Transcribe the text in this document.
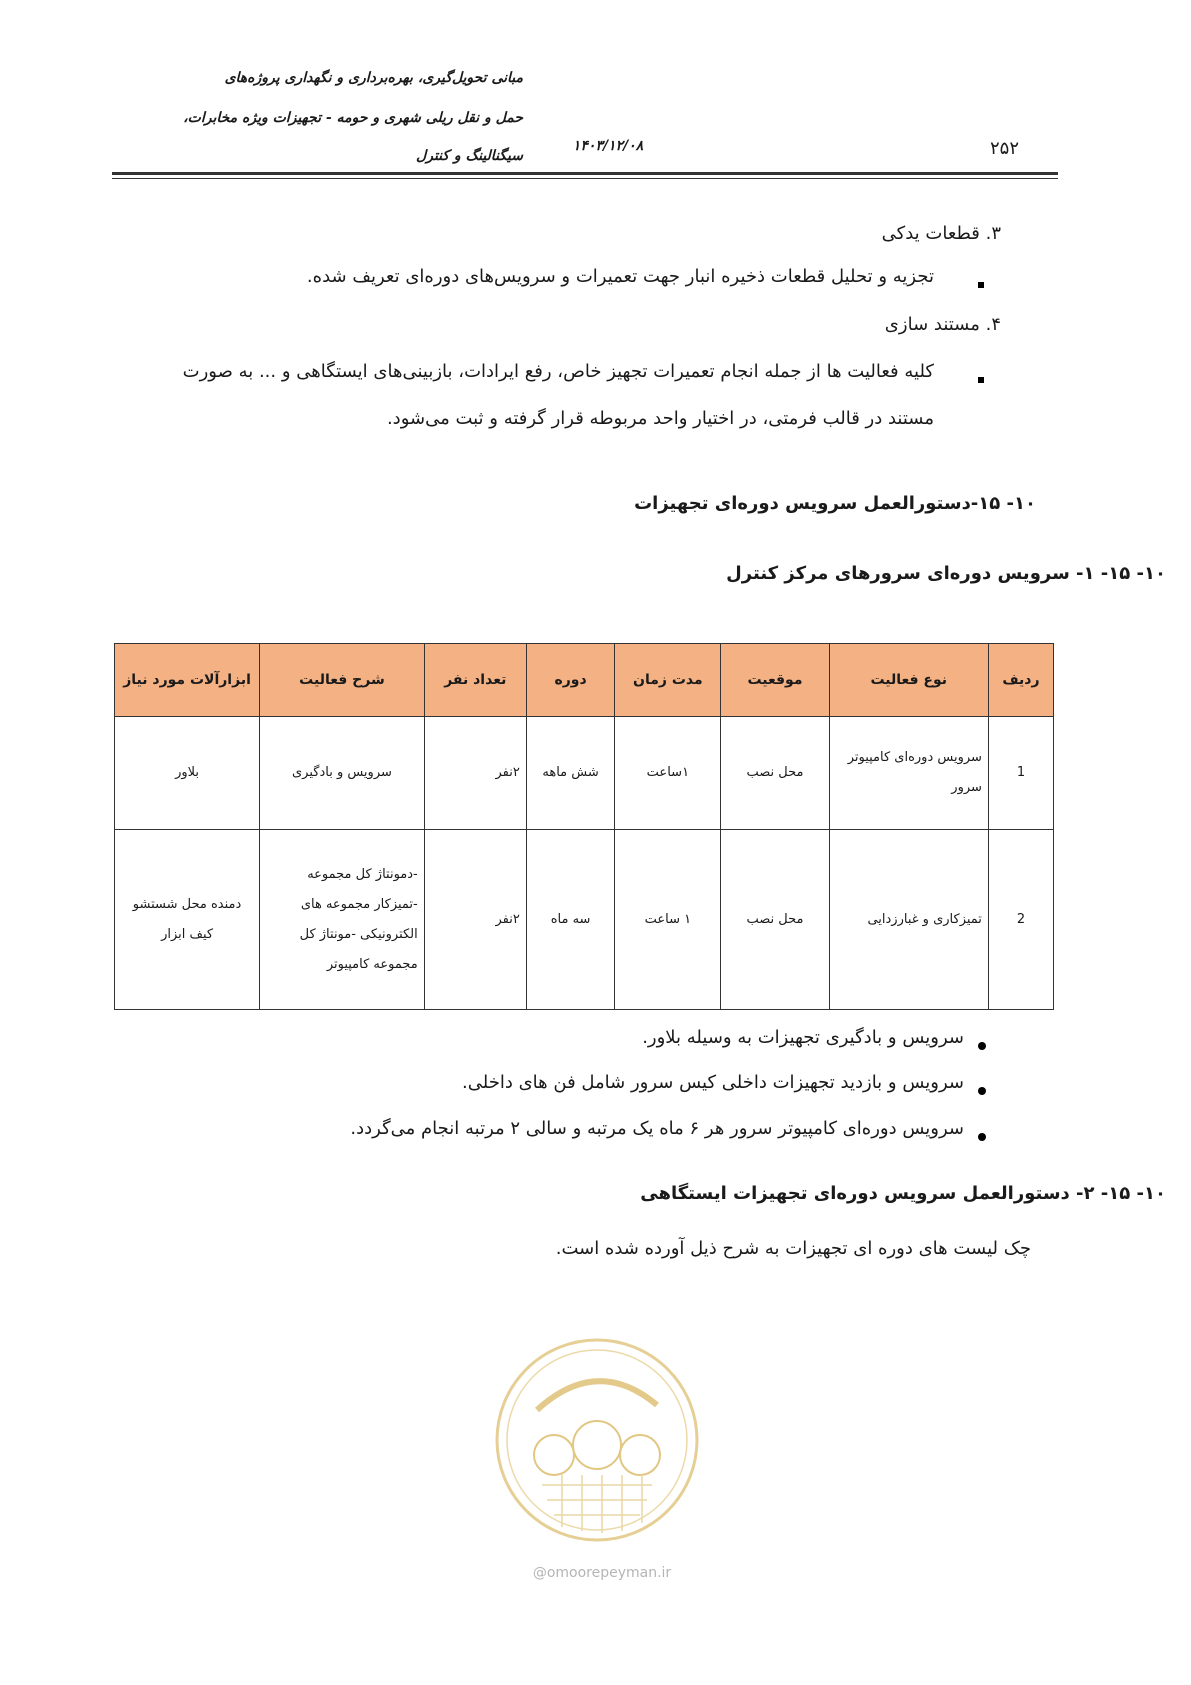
مبانی تحویل‌گیری، بهره‌برداری و نگهداری پروژه‌های
حمل و نقل ریلی شهری و حومه - تجهیزات ویژه مخابرات،
سیگنالینگ و کنترل
۱۴۰۳/۱۲/۰۸	۲۵۲
۳. قطعات یدکی
تجزیه و تحلیل قطعات ذخیره انبار جهت تعمیرات و سرویس‌های دوره‌ای تعریف شده.
۴. مستند سازی
کلیه فعالیت ها از جمله انجام تعمیرات تجهیز خاص، رفع ایرادات، بازبینی‌های ایستگاهی و ... به صورت
مستند در قالب فرمتی، در اختیار واحد مربوطه قرار گرفته و ثبت می‌شود.
۱۰- ۱۵-دستورالعمل سرویس دوره‌ای تجهیزات
۱۰- ۱۵- ۱- سرویس دوره‌ای سرورهای مرکز کنترل
ردیف	نوع فعالیت	موقعیت	مدت زمان	دوره	تعداد نفر	شرح فعالیت	ابزارآلات مورد نیاز
1	سرویس دوره‌ای کامپیوتر سرور	محل نصب	۱ساعت	شش ماهه	۲نفر	سرویس و بادگیری	بلاور
2	تمیزکاری و غبارزدایی	محل نصب	۱ ساعت	سه ماه	۲نفر	-دمونتاژ کل مجموعه -تمیزکار مجموعه های الکترونیکی -مونتاژ کل مجموعه کامپیوتر	دمنده محل شستشو کیف ابزار
سرویس و بادگیری تجهیزات به وسیله بلاور.
سرویس و بازدید تجهیزات داخلی کیس سرور شامل فن های داخلی.
سرویس دوره‌ای کامپیوتر سرور هر ۶ ماه یک مرتبه و سالی ۲ مرتبه انجام می‌گردد.
۱۰- ۱۵- ۲- دستورالعمل سرویس دوره‌ای تجهیزات ایستگاهی
چک لیست های دوره ای تجهیزات به شرح ذیل آورده شده است.
@omoorepeyman.ir
